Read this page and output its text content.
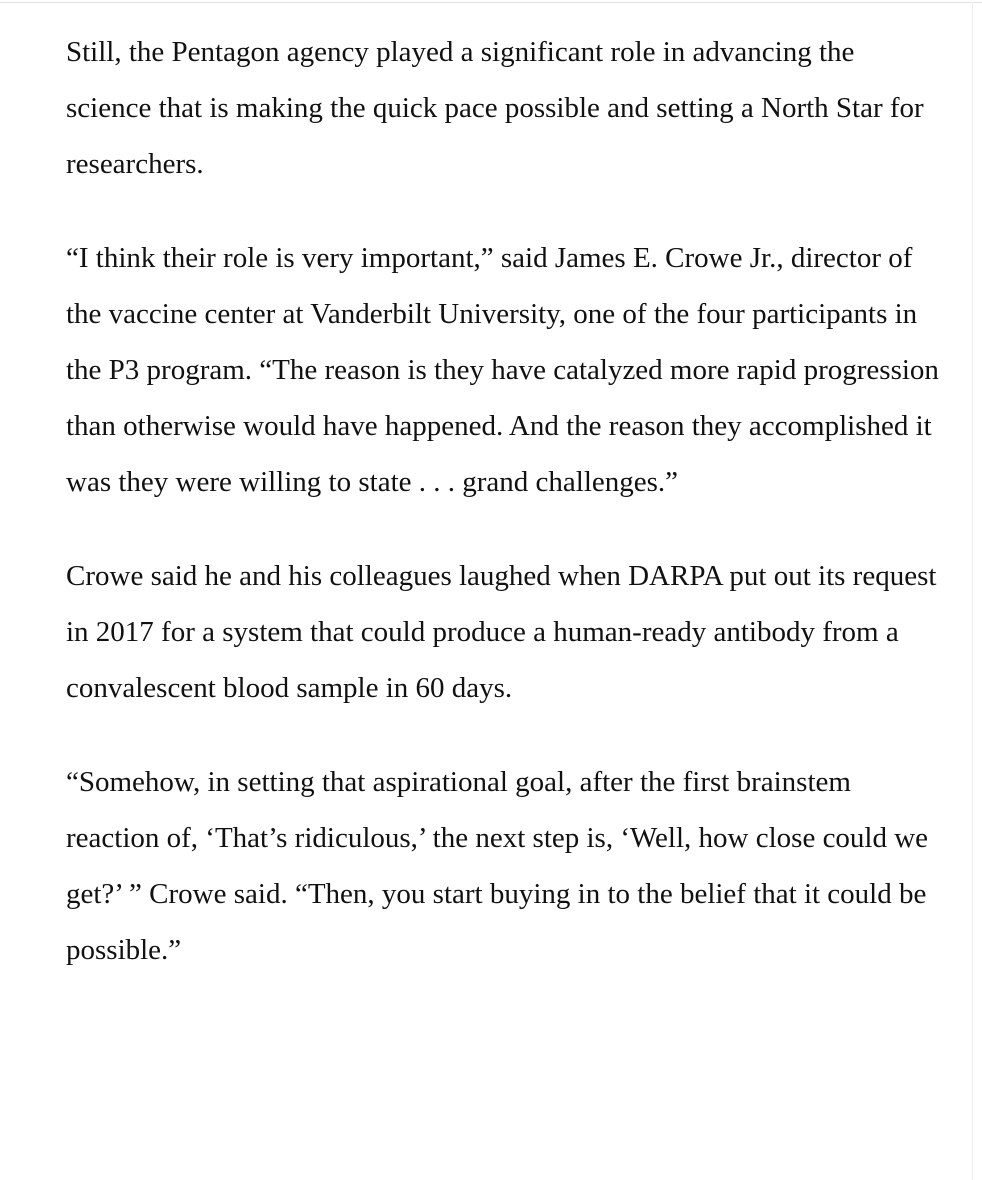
Still, the Pentagon agency played a significant role in advancing the science that is making the quick pace possible and setting a North Star for researchers.

“I think their role is very important,” said James E. Crowe Jr., director of the vaccine center at Vanderbilt University, one of the four participants in the P3 program. “The reason is they have catalyzed more rapid progression than otherwise would have happened. And the reason they accomplished it was they were willing to state . . . grand challenges.”

Crowe said he and his colleagues laughed when DARPA put out its request in 2017 for a system that could produce a human-ready antibody from a convalescent blood sample in 60 days.

“Somehow, in setting that aspirational goal, after the first brainstem reaction of, ‘That’s ridiculous,’ the next step is, ‘Well, how close could we get?’ ” Crowe said. “Then, you start buying in to the belief that it could be possible.”
